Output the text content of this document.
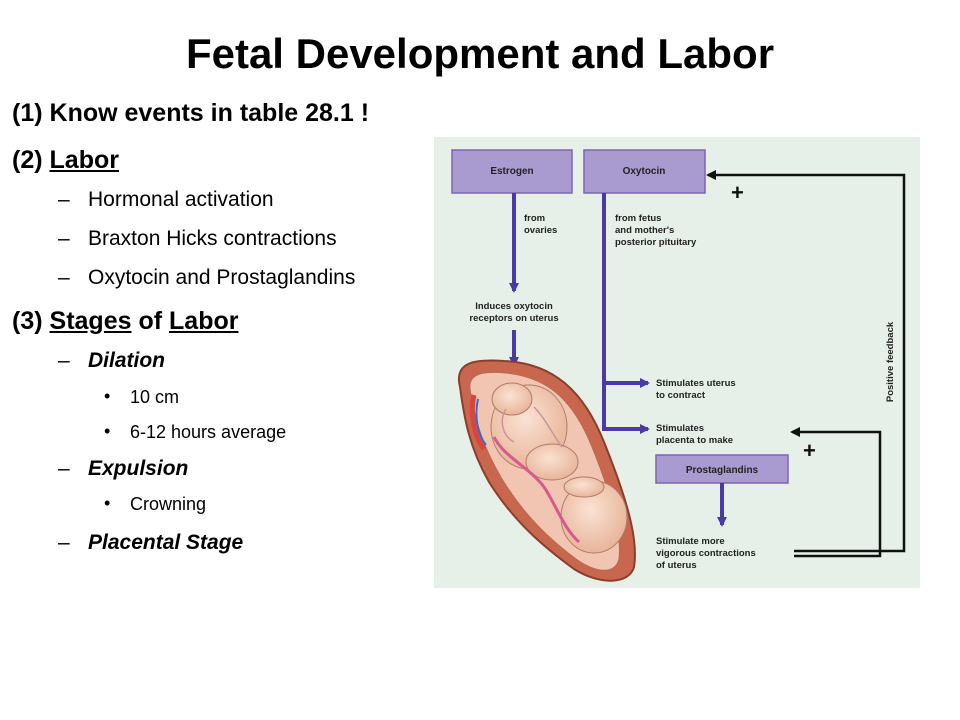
Fetal Development and Labor
(1) Know events in table 28.1 !
(2) Labor
– Hormonal activation
– Braxton Hicks contractions
– Oxytocin and Prostaglandins
(3) Stages of Labor
– Dilation
• 10 cm
• 6-12 hours average
– Expulsion
• Crowning
– Placental Stage
Estrogen	Oxytocin
Prostaglandins
+
+
Positive feedback
from
ovaries
from fetus
and mother's
posterior pituitary
Induces oxytocin
receptors on uterus
Stimulates uterus
to contract
Stimulates
placenta to make
Stimulate more
vigorous contractions
of uterus
